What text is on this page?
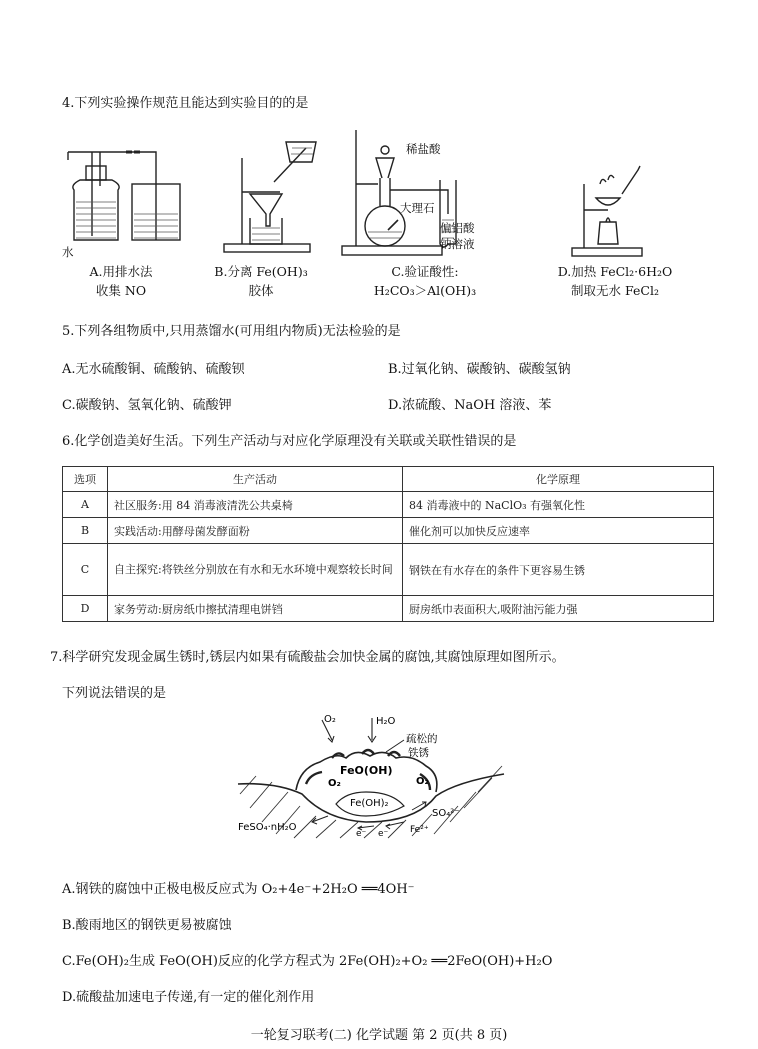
4.下列实验操作规范且能达到实验目的的是
水
稀盐酸
大理石
偏铝酸
钠溶液
A.用排水法
收集 NO
B.分离 Fe(OH)₃
胶体
C.验证酸性:
H₂CO₃＞Al(OH)₃
D.加热 FeCl₂·6H₂O
制取无水 FeCl₂
5.下列各组物质中,只用蒸馏水(可用组内物质)无法检验的是
A.无水硫酸铜、硫酸钠、硫酸钡	B.过氧化钠、碳酸钠、碳酸氢钠
C.碳酸钠、氢氧化钠、硫酸钾	D.浓硫酸、NaOH 溶液、苯
6.化学创造美好生活。下列生产活动与对应化学原理没有关联或关联性错误的是
选项	生产活动	化学原理
A	社区服务:用 84 消毒液清洗公共桌椅	84 消毒液中的 NaClO₃ 有强氧化性
B	实践活动:用酵母菌发酵面粉	催化剂可以加快反应速率
C	自主探究:将铁丝分别放在有水和无水环境中观察较长时间	钢铁在有水存在的条件下更容易生锈
D	家务劳动:厨房纸巾擦拭清理电饼铛	厨房纸巾表面积大,吸附油污能力强
7.科学研究发现金属生锈时,锈层内如果有硫酸盐会加快金属的腐蚀,其腐蚀原理如图所示。
下列说法错误的是
O₂	H₂O
疏松的
铁锈
FeO(OH)
O₂	O₂
Fe(OH)₂
FeSO₄·nH₂O
SO₄²⁻
e⁻ e⁻ Fe²⁺
A.钢铁的腐蚀中正极电极反应式为 O₂+4e⁻+2H₂O ══4OH⁻
B.酸雨地区的钢铁更易被腐蚀
C.Fe(OH)₂生成 FeO(OH)反应的化学方程式为 2Fe(OH)₂+O₂ ══2FeO(OH)+H₂O
D.硫酸盐加速电子传递,有一定的催化剂作用
一轮复习联考(二) 化学试题 第 2 页(共 8 页)
